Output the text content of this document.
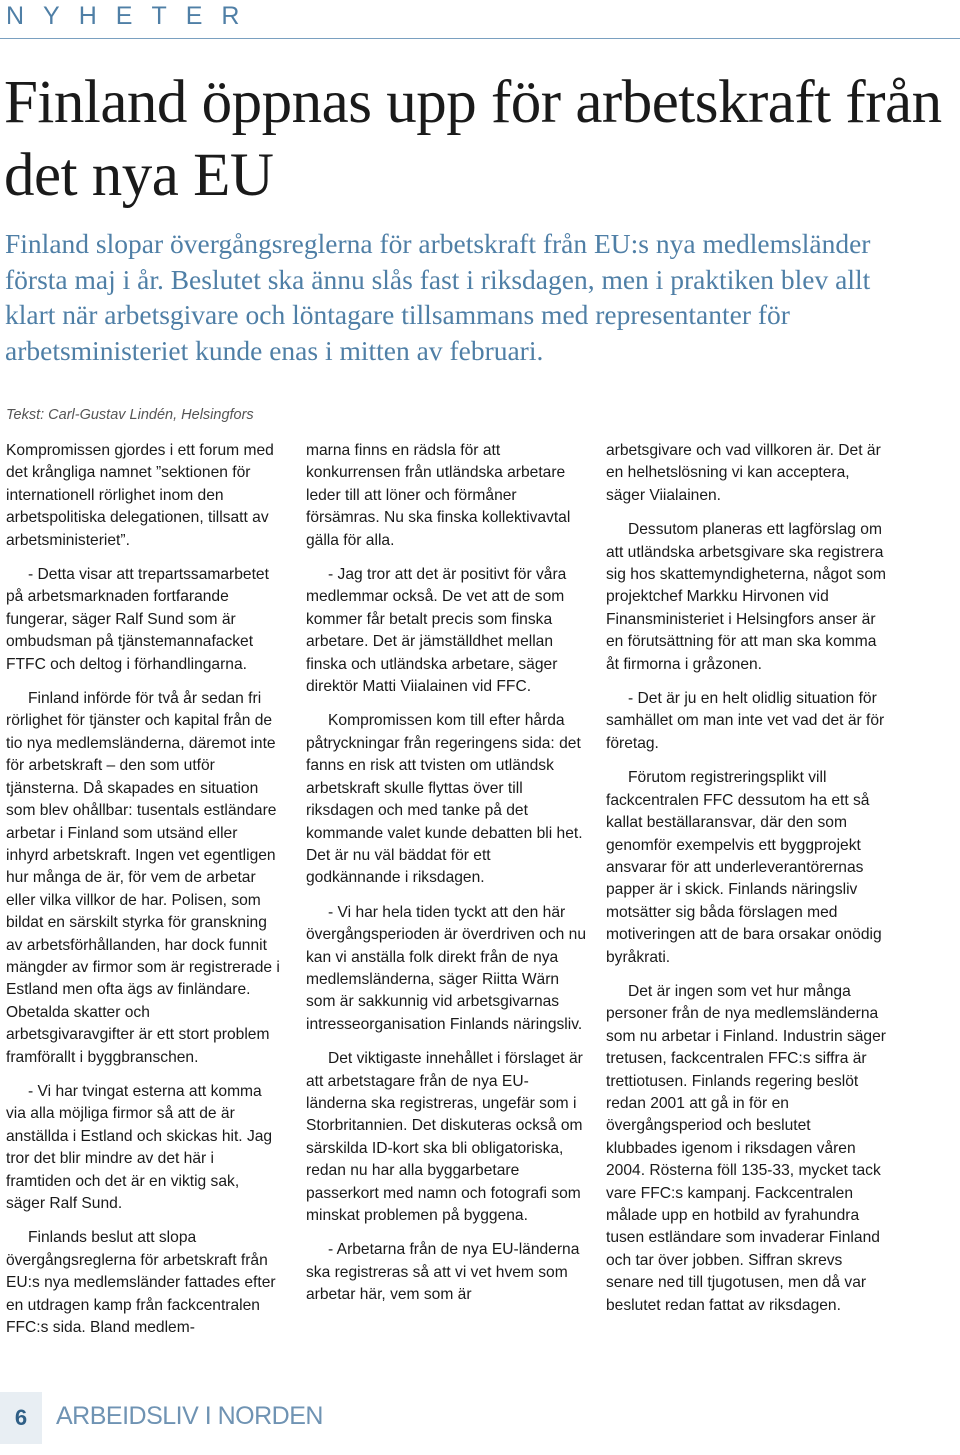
NYHETER
Finland öppnas upp för arbetskraft från det nya EU

Finland slopar övergångsreglerna för arbetskraft från EU:s nya medlemsländer första maj i år. Beslutet ska ännu slås fast i riksdagen, men i praktiken blev allt klart när arbetsgivare och löntagare tillsammans med representanter för arbetsministeriet kunde enas i mitten av februari.

Tekst: Carl-Gustav Lindén, Helsingfors

Kompromissen gjordes i ett forum med det krångliga namnet ”sektionen för internationell rörlighet inom den arbetspolitiska delegationen, tillsatt av arbetsministeriet”.

- Detta visar att trepartssamarbetet på arbetsmarknaden fortfarande fungerar, säger Ralf Sund som är ombudsman på tjänstemannafacket FTFC och deltog i förhandlingarna.

Finland införde för två år sedan fri rörlighet för tjänster och kapital från de tio nya medlemsländerna, däremot inte för arbetskraft – den som utför tjänsterna. Då skapades en situation som blev ohållbar: tusentals estländare arbetar i Finland som utsänd eller inhyrd arbetskraft. Ingen vet egentligen hur många de är, för vem de arbetar eller vilka villkor de har. Polisen, som bildat en särskilt styrka för granskning av arbetsförhållanden, har dock funnit mängder av firmor som är registrerade i Estland men ofta ägs av finländare. Obetalda skatter och arbetsgivaravgifter är ett stort problem framförallt i byggbranschen.

- Vi har tvingat esterna att komma via alla möjliga firmor så att de är anställda i Estland och skickas hit. Jag tror det blir mindre av det här i framtiden och det är en viktig sak, säger Ralf Sund.

Finlands beslut att slopa övergångsreglerna för arbetskraft från EU:s nya medlemsländer fattades efter en utdragen kamp från fackcentralen FFC:s sida. Bland medlem-

marna finns en rädsla för att konkurrensen från utländska arbetare leder till att löner och förmåner försämras. Nu ska finska kollektivavtal gälla för alla.

- Jag tror att det är positivt för våra medlemmar också. De vet att de som kommer får betalt precis som finska arbetare. Det är jämställdhet mellan finska och utländska arbetare, säger direktör Matti Viialainen vid FFC.

Kompromissen kom till efter hårda påtryckningar från regeringens sida: det fanns en risk att tvisten om utländsk arbetskraft skulle flyttas över till riksdagen och med tanke på det kommande valet kunde debatten bli het. Det är nu väl bäddat för ett godkännande i riksdagen.

- Vi har hela tiden tyckt att den här övergångsperioden är överdriven och nu kan vi anställa folk direkt från de nya medlemsländerna, säger Riitta Wärn som är sakkunnig vid arbetsgivarnas intresseorganisation Finlands näringsliv.

Det viktigaste innehållet i förslaget är att arbetstagare från de nya EU-länderna ska registreras, ungefär som i Storbritannien. Det diskuteras också om särskilda ID-kort ska bli obligatoriska, redan nu har alla byggarbetare passerkort med namn och fotografi som minskat problemen på byggena.

- Arbetarna från de nya EU-länderna ska registreras så att vi vet hvem som arbetar här, vem som är

arbetsgivare och vad villkoren är. Det är en helhetslösning vi kan acceptera, säger Viialainen.

Dessutom planeras ett lagförslag om att utländska arbetsgivare ska registrera sig hos skattemyndigheterna, något som projektchef Markku Hirvonen vid Finansministeriet i Helsingfors anser är en förutsättning för att man ska komma åt firmorna i gråzonen.

- Det är ju en helt olidlig situation för samhället om man inte vet vad det är för företag.

Förutom registreringsplikt vill fackcentralen FFC dessutom ha ett så kallat beställaransvar, där den som genomför exempelvis ett byggprojekt ansvarar för att underleverantörernas papper är i skick. Finlands näringsliv motsätter sig båda förslagen med motiveringen att de bara orsakar onödig byråkrati.

Det är ingen som vet hur många personer från de nya medlemsländerna som nu arbetar i Finland. Industrin säger tretusen, fackcentralen FFC:s siffra är trettiotusen. Finlands regering beslöt redan 2001 att gå in för en övergångsperiod och beslutet klubbades igenom i riksdagen våren 2004. Rösterna föll 135-33, mycket tack vare FFC:s kampanj. Fackcentralen målade upp en hotbild av fyrahundra tusen estländare som invaderar Finland och tar över jobben. Siffran skrevs senare ned till tjugotusen, men då var beslutet redan fattat av riksdagen.

6	ARBEIDSLIV I NORDEN
